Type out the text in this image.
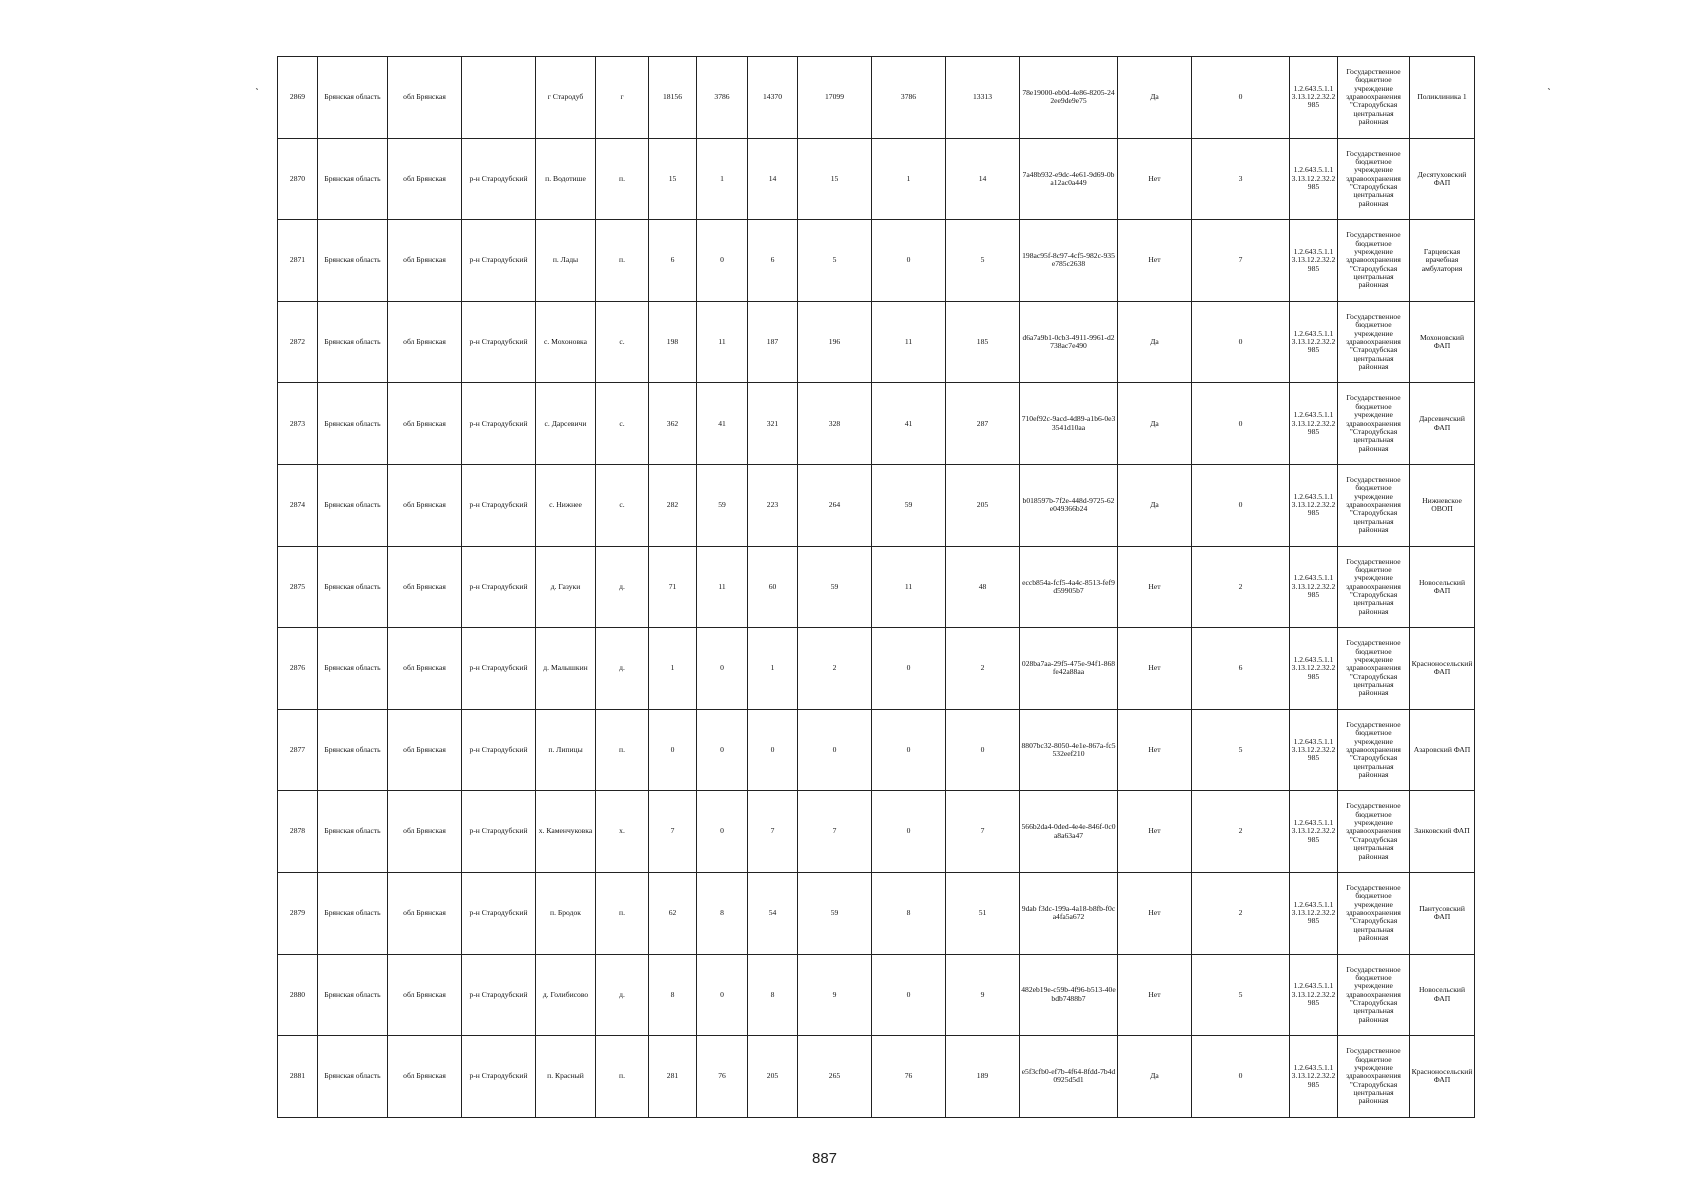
2869	Брянская область	обл Брянская		г Стародуб	г	18156	3786	14370	17099	3786	13313	78e19000-eb0d-4e86-8205-242ee9de9e75	Да	0	1.2.643.5.1.13.13.12.2.32.2985	Государственное бюджетное учреждение здравоохранения "Стародубская центральная районная	Поликлиника 1
2870	Брянская область	обл Брянская	р-н Стародубский	п. Водотише	п.	15	1	14	15	1	14	7a48b932-e9dc-4e61-9d69-0ba12ac0a449	Нет	3	1.2.643.5.1.13.13.12.2.32.2985	Государственное бюджетное учреждение здравоохранения "Стародубская центральная районная	Десятуховский ФАП
2871	Брянская область	обл Брянская	р-н Стародубский	п. Лады	п.	6	0	6	5	0	5	198ac95f-8c97-4cf5-982c-935e785c2638	Нет	7	1.2.643.5.1.13.13.12.2.32.2985	Государственное бюджетное учреждение здравоохранения "Стародубская центральная районная	Гарцевская врачебная амбулатория
2872	Брянская область	обл Брянская	р-н Стародубский	с. Мохоновка	с.	198	11	187	196	11	185	d6a7a9b1-0cb3-4911-9961-d2738ac7e490	Да	0	1.2.643.5.1.13.13.12.2.32.2985	Государственное бюджетное учреждение здравоохранения "Стародубская центральная районная	Мохоновский ФАП
2873	Брянская область	обл Брянская	р-н Стародубский	с. Дарсевичи	с.	362	41	321	328	41	287	710ef92c-9acd-4d89-a1b6-0e33541d10aa	Да	0	1.2.643.5.1.13.13.12.2.32.2985	Государственное бюджетное учреждение здравоохранения "Стародубская центральная районная	Дарсевичский ФАП
2874	Брянская область	обл Брянская	р-н Стародубский	с. Нижнее	с.	282	59	223	264	59	205	b018597b-7f2e-448d-9725-62e049366b24	Да	0	1.2.643.5.1.13.13.12.2.32.2985	Государственное бюджетное учреждение здравоохранения "Стародубская центральная районная	Нижневское ОВОП
2875	Брянская область	обл Брянская	р-н Стародубский	д. Газуки	д.	71	11	60	59	11	48	eccb854a-fcf5-4a4c-8513-fef9d59905b7	Нет	2	1.2.643.5.1.13.13.12.2.32.2985	Государственное бюджетное учреждение здравоохранения "Стародубская центральная районная	Новосельский ФАП
2876	Брянская область	обл Брянская	р-н Стародубский	д. Малышкин	д.	1	0	1	2	0	2	028ba7aa-29f5-475e-94f1-868fe42a88aa	Нет	6	1.2.643.5.1.13.13.12.2.32.2985	Государственное бюджетное учреждение здравоохранения "Стародубская центральная районная	Красноносельский ФАП
2877	Брянская область	обл Брянская	р-н Стародубский	п. Липицы	п.	0	0	0	0	0	0	8807bc32-8050-4e1e-867a-fc5532eef210	Нет	5	1.2.643.5.1.13.13.12.2.32.2985	Государственное бюджетное учреждение здравоохранения "Стародубская центральная районная	Азаровский ФАП
2878	Брянская область	обл Брянская	р-н Стародубский	х. Каменчуковка	х.	7	0	7	7	0	7	566b2da4-0ded-4e4e-846f-0c0a8a63a47	Нет	2	1.2.643.5.1.13.13.12.2.32.2985	Государственное бюджетное учреждение здравоохранения "Стародубская центральная районная	Занковский ФАП
2879	Брянская область	обл Брянская	р-н Стародубский	п. Бродок	п.	62	8	54	59	8	51	9dab f3dc-199a-4a18-b8fb-f0ca4fa5a672	Нет	2	1.2.643.5.1.13.13.12.2.32.2985	Государственное бюджетное учреждение здравоохранения "Стародубская центральная районная	Пантусовский ФАП
2880	Брянская область	обл Брянская	р-н Стародубский	д. Голибисово	д.	8	0	8	9	0	9	482eb19e-c59b-4f96-b513-40ebdb7488b7	Нет	5	1.2.643.5.1.13.13.12.2.32.2985	Государственное бюджетное учреждение здравоохранения "Стародубская центральная районная	Новосельский ФАП
2881	Брянская область	обл Брянская	р-н Стародубский	п. Красный	п.	281	76	205	265	76	189	e5f3cfb0-ef7b-4f64-8fdd-7b4d0925d5d1	Да	0	1.2.643.5.1.13.13.12.2.32.2985	Государственное бюджетное учреждение здравоохранения "Стародубская центральная районная	Красноносельский ФАП
ˋ	ˋ
887
